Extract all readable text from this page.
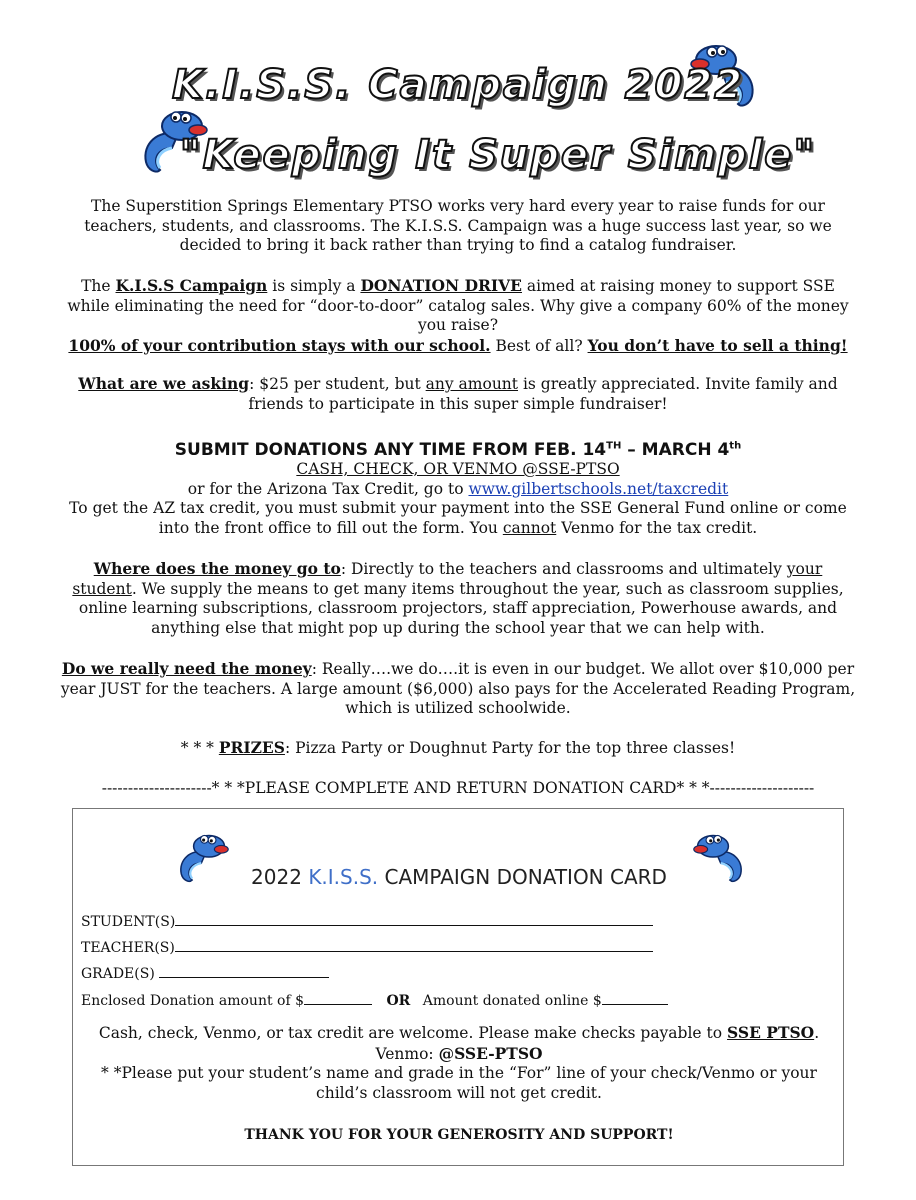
K.I.S.S. Campaign 2022
"Keeping It Super Simple"
The Superstition Springs Elementary PTSO works very hard every year to raise funds for our teachers, students, and classrooms. The K.I.S.S. Campaign was a huge success last year, so we decided to bring it back rather than trying to find a catalog fundraiser.
The K.I.S.S Campaign is simply a DONATION DRIVE aimed at raising money to support SSE while eliminating the need for “door-to-door” catalog sales. Why give a company 60% of the money you raise?
100% of your contribution stays with our school. Best of all? You don’t have to sell a thing!
What are we asking: $25 per student, but any amount is greatly appreciated. Invite family and friends to participate in this super simple fundraiser!
SUBMIT DONATIONS ANY TIME FROM FEB. 14TH – MARCH 4th
CASH, CHECK, OR VENMO @SSE-PTSO
or for the Arizona Tax Credit, go to www.gilbertschools.net/taxcredit
To get the AZ tax credit, you must submit your payment into the SSE General Fund online or come into the front office to fill out the form. You cannot Venmo for the tax credit.
Where does the money go to: Directly to the teachers and classrooms and ultimately your student. We supply the means to get many items throughout the year, such as classroom supplies, online learning subscriptions, classroom projectors, staff appreciation, Powerhouse awards, and anything else that might pop up during the school year that we can help with.
Do we really need the money: Really….we do….it is even in our budget. We allot over $10,000 per year JUST for the teachers. A large amount ($6,000) also pays for the Accelerated Reading Program, which is utilized schoolwide.
* * * PRIZES: Pizza Party or Doughnut Party for the top three classes!
---------------------* * *PLEASE COMPLETE AND RETURN DONATION CARD* * *--------------------
2022 K.I.S.S. CAMPAIGN DONATION CARD
STUDENT(S)
TEACHER(S)
GRADE(S)
Enclosed Donation amount of $	OR Amount donated online $
Cash, check, Venmo, or tax credit are welcome. Please make checks payable to SSE PTSO.
Venmo: @SSE-PTSO
* *Please put your student’s name and grade in the “For” line of your check/Venmo or your child’s classroom will not get credit.
THANK YOU FOR YOUR GENEROSITY AND SUPPORT!
